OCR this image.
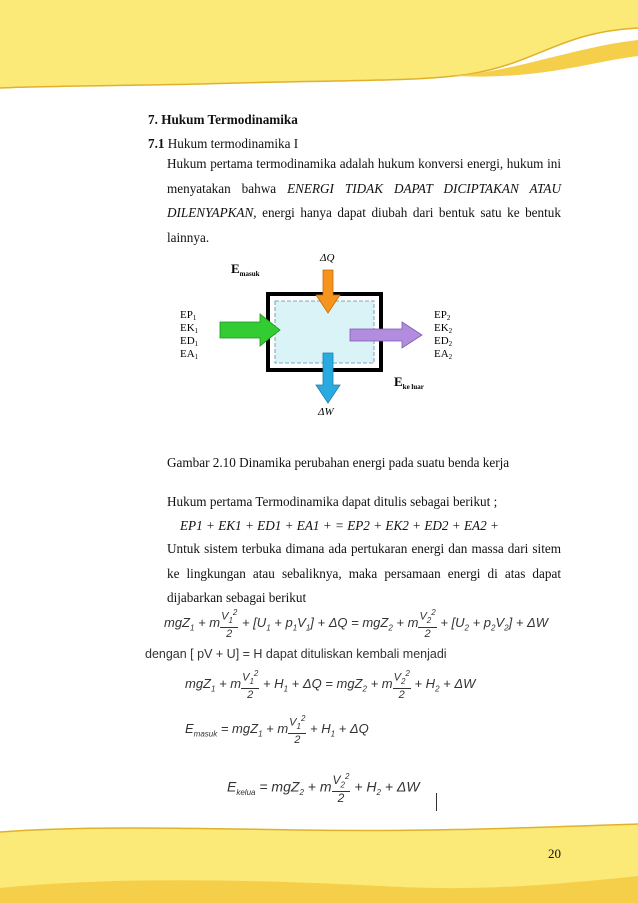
7. Hukum Termodinamika
7.1 Hukum termodinamika I
Hukum pertama termodinamika adalah hukum konversi energi, hukum ini menyatakan bahwa ENERGI TIDAK DAPAT DICIPTAKAN ATAU DILENYAPKAN, energi hanya dapat diubah dari bentuk satu ke bentuk lainnya.
$E_{masuk}$
ΔQ
ΔW
$E_{ke luar}$
EP1
EK1
ED1
EA1
EP2
EK2
ED2
EA2
Gambar 2.10 Dinamika perubahan energi pada suatu benda kerja
Hukum pertama Termodinamika dapat ditulis sebagai berikut ;
EP1 + EK1 + ED1 + EA1 + = EP2 + EK2 + ED2 + EA2 +
Untuk sistem terbuka dimana ada pertukaran energi dan massa dari sitem ke lingkungan atau sebaliknya, maka persamaan energi di atas dapat dijabarkan sebagai berikut
mgZ$_1$ + m $\frac{V_1^2}{2} + [U_1 + p_1V_1] + \Delta Q = mgZ_2 + m \frac{V_2^2}{2} + [U_2 + p_2V_2] + \Delta W$
dengan [ pV + U] = H dapat dituliskan kembali menjadi
mgZ$_1$ + m $\frac{V_1^2}{2} + H_1 + \Delta Q = mgZ_2 + m \frac{V_2^2}{2} + H_2 + \Delta W$
$E_{masuk} = mgZ_1 + m \frac{V_1^2}{2} + H_1 + \Delta Q$
$E_{kelua} = mgZ_2 + m \frac{V_2^2}{2} + H_2 + \Delta W$
20
